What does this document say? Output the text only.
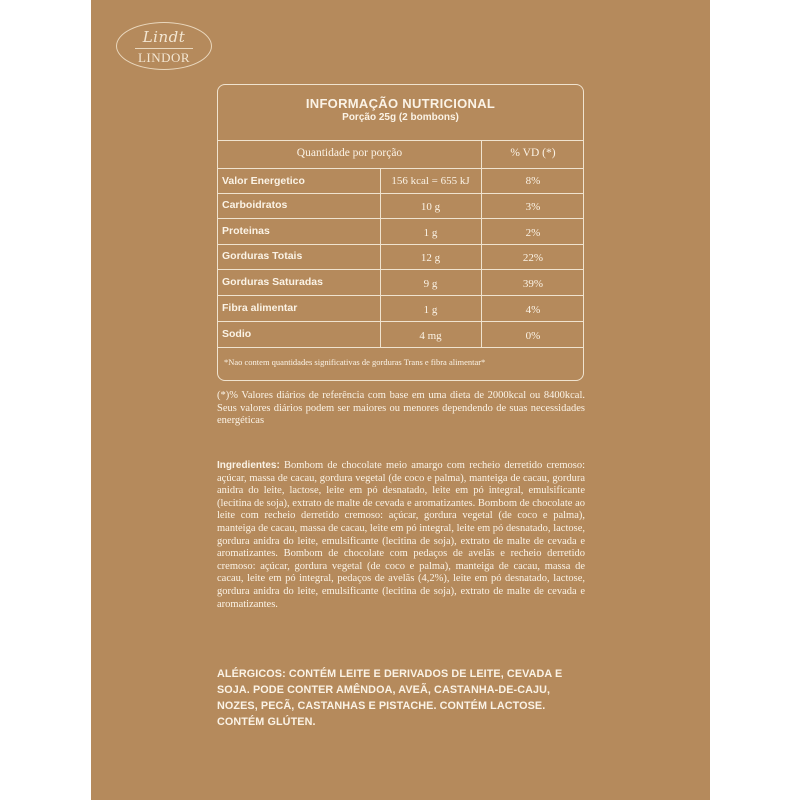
Lindt
LINDOR
INFORMAÇÃO NUTRICIONAL
Porção 25g (2 bombons)
Quantidade por porção	% VD (*)
Valor Energetico	156 kcal = 655 kJ	8%
Carboidratos	10 g	3%
Proteinas	1 g	2%
Gorduras Totais	12 g	22%
Gorduras Saturadas	9 g	39%
Fibra alimentar	1 g	4%
Sodio	4 mg	0%
*Nao contem quantidades significativas de gorduras Trans e fibra alimentar*
(*)% Valores diários de referência com base em uma dieta de 2000kcal ou 8400kcal. Seus valores diários podem ser maiores ou menores dependendo de suas necessidades energéticas
Ingredientes: Bombom de chocolate meio amargo com recheio derretido cremoso: açúcar, massa de cacau, gordura vegetal (de coco e palma), manteiga de cacau, gordura anidra do leite, lactose, leite em pó desnatado, leite em pó integral, emulsificante (lecitina de soja), extrato de malte de cevada e aromatizantes. Bombom de chocolate ao leite com recheio derretido cremoso: açúcar, gordura vegetal (de coco e palma), manteiga de cacau, massa de cacau, leite em pó integral, leite em pó desnatado, lactose, gordura anidra do leite, emulsificante (lecitina de soja), extrato de malte de cevada e aromatizantes. Bombom de chocolate com pedaços de avelãs e recheio derretido cremoso: açúcar, gordura vegetal (de coco e palma), manteiga de cacau, massa de cacau, leite em pó integral, pedaços de avelãs (4,2%), leite em pó desnatado, lactose, gordura anidra do leite, emulsificante (lecitina de soja), extrato de malte de cevada e aromatizantes.
ALÉRGICOS: CONTÉM LEITE E DERIVADOS DE LEITE, CEVADA E SOJA. PODE CONTER AMÊNDOA, AVEÃ, CASTANHA-DE-CAJU, NOZES, PECÃ, CASTANHAS E PISTACHE. CONTÉM LACTOSE. CONTÉM GLÚTEN.
